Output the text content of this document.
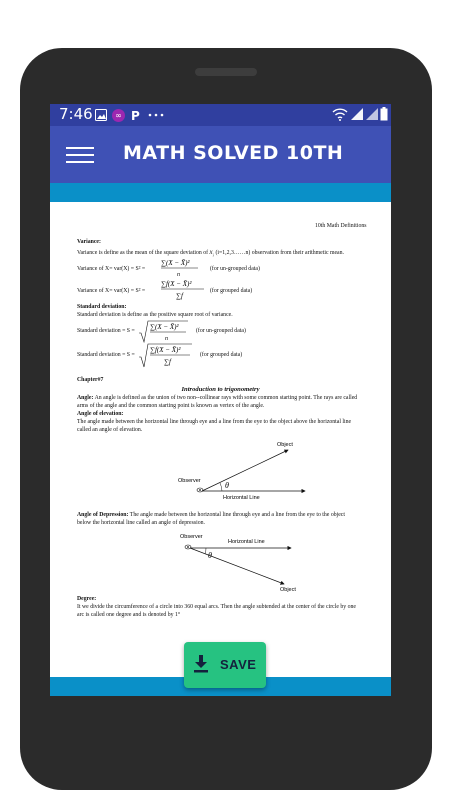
7:46	∞ P
MATH SOLVED 10TH
10th Math Definitions
Variance:
Variance is define as the mean of the square deviation of $x_i$ (i=1,2,3……n) observation from their arithmetic mean.
Variance of X= var(X) = S² =
∑(X − X̄)²
n
(for un-grouped data)
Variance of X= var(X) = S² =
∑f(X − X̄)²
∑f
(for grouped data)
Standard deviation:
Standard deviation is define as the positive square root of variance.
Standard deviation = S = ∑(X − X̄)²
n
(for un-grouped data)
Standard deviation = S =
∑f(X − X̄)²
∑f
(for grouped data)
Chapter#7
Introduction to trigonometry
Angle: An angle is defined as the union of two non--collinear rays with some common starting point. The rays are called
arms of the angle and the common starting point is known as vertex of the angle.
Angle of elevation:
The angle made between the horizontal line through eye and a line from the eye to the object above the horizontal line
called an angle of elevation.
Object
Observer	θ
Horizontal Line
Angle of Depression: The angle made between the horizontal line through eye and a line from the eye to the object
below the horizontal line called an angle of depression.
Observer
Horizontal Line
θ
Object
Degree:
It we divide the circumference of a circle into 360 equal arcs. Then the angle subtended at the center of the circle by one
arc is called one degree and is denoted by 1°
SAVE
